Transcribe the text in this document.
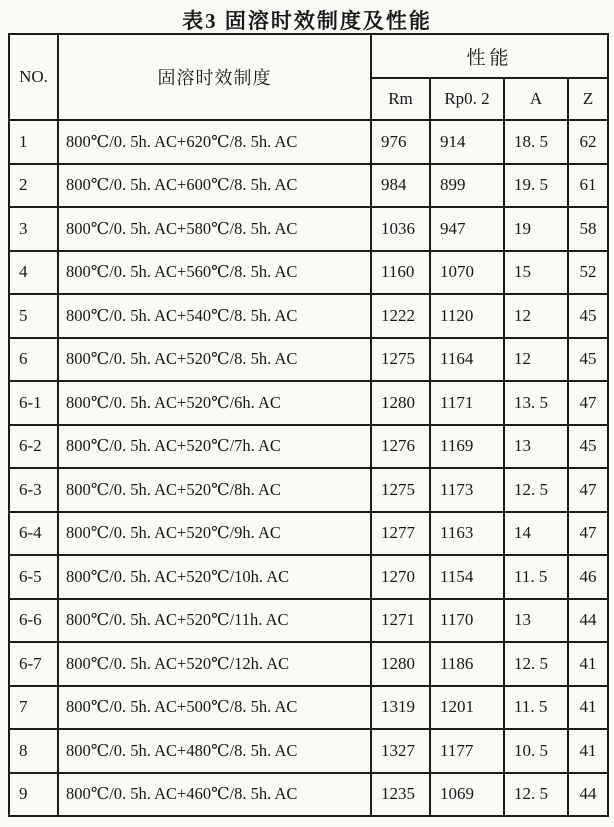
表3 固溶时效制度及性能
NO.	固溶时效制度	性能			
		Rm	Rp0. 2	A	Z
1	800℃/0. 5h. AC+620℃/8. 5h. AC	976	914	18. 5	62
2	800℃/0. 5h. AC+600℃/8. 5h. AC	984	899	19. 5	61
3	800℃/0. 5h. AC+580℃/8. 5h. AC	1036	947	19	58
4	800℃/0. 5h. AC+560℃/8. 5h. AC	1160	1070	15	52
5	800℃/0. 5h. AC+540℃/8. 5h. AC	1222	1120	12	45
6	800℃/0. 5h. AC+520℃/8. 5h. AC	1275	1164	12	45
6-1	800℃/0. 5h. AC+520℃/6h. AC	1280	1171	13. 5	47
6-2	800℃/0. 5h. AC+520℃/7h. AC	1276	1169	13	45
6-3	800℃/0. 5h. AC+520℃/8h. AC	1275	1173	12. 5	47
6-4	800℃/0. 5h. AC+520℃/9h. AC	1277	1163	14	47
6-5	800℃/0. 5h. AC+520℃/10h. AC	1270	1154	11. 5	46
6-6	800℃/0. 5h. AC+520℃/11h. AC	1271	1170	13	44
6-7	800℃/0. 5h. AC+520℃/12h. AC	1280	1186	12. 5	41
7	800℃/0. 5h. AC+500℃/8. 5h. AC	1319	1201	11. 5	41
8	800℃/0. 5h. AC+480℃/8. 5h. AC	1327	1177	10. 5	41
9	800℃/0. 5h. AC+460℃/8. 5h. AC	1235	1069	12. 5	44
